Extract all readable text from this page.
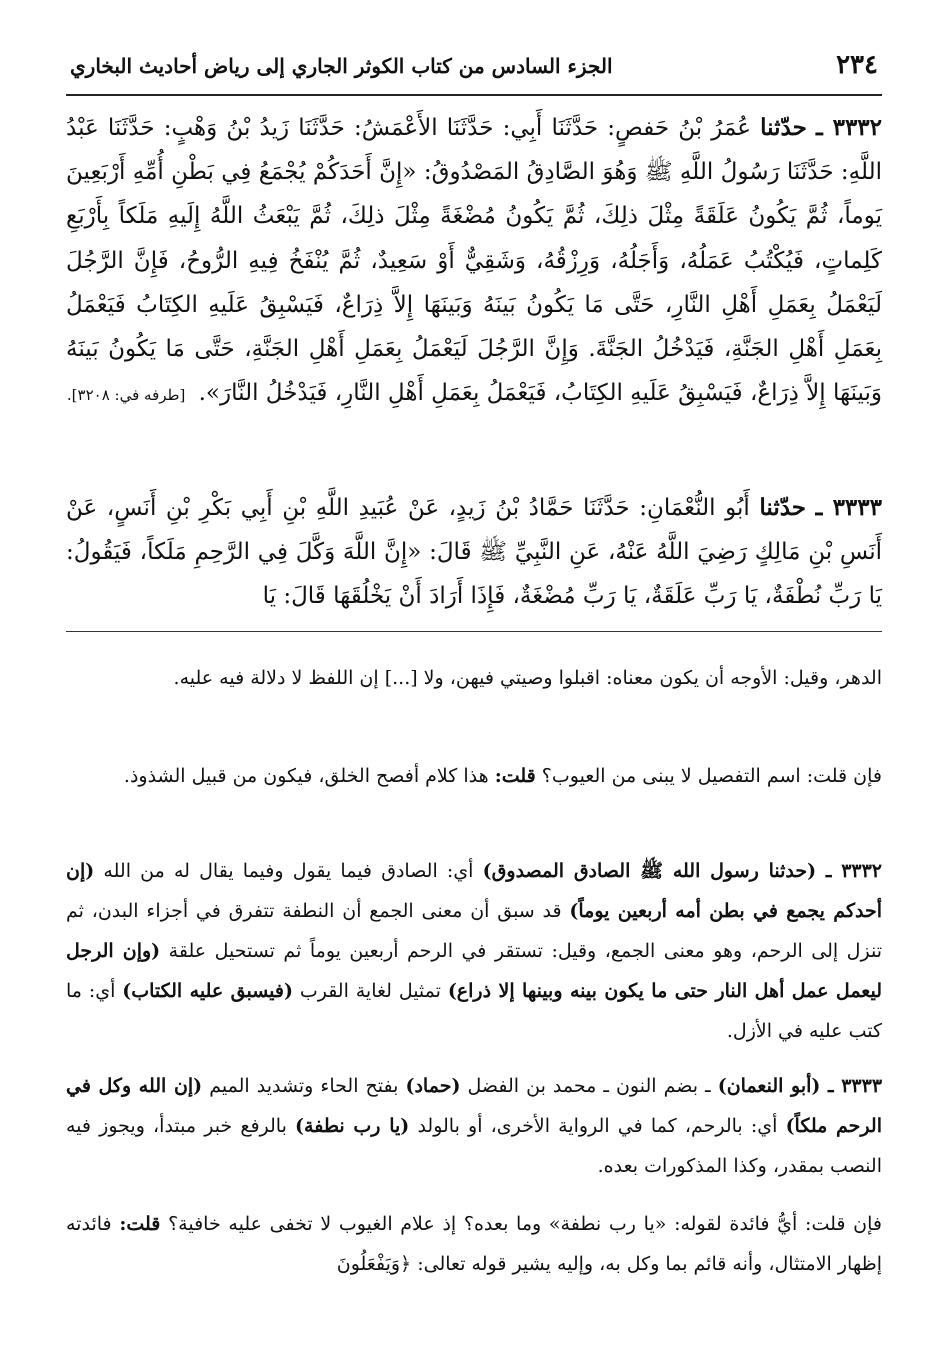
٢٣٤
الجزء السادس من كتاب الكوثر الجاري إلى رياض أحاديث البخاري

٣٣٣٢ ـ حدّثنا عُمَرُ بْنُ حَفصٍ: حَدَّثَنَا أَبِي: حَدَّثَنَا الأَعْمَشُ: حَدَّثَنَا زَيدُ بْنُ وَهْبٍ: حَدَّثَنَا عَبْدُ اللَّهِ: حَدَّثَنَا رَسُولُ اللَّهِ ﷺ وَهُوَ الصَّادِقُ المَصْدُوقُ: «إِنَّ أَحَدَكُمْ يُجْمَعُ فِي بَطْنِ أُمِّهِ أَرْبَعِينَ يَوماً، ثُمَّ يَكُونُ عَلَقَةً مِثْلَ ذلِكَ، ثُمَّ يَكُونُ مُضْغَةً مِثْلَ ذلِكَ، ثُمَّ يَبْعَثُ اللَّهُ إِلَيهِ مَلَكاً بِأَرْبَعِ كَلِماتٍ، فَيُكْتُبُ عَمَلُهُ، وَأَجَلُهُ، وَرِزْقُهُ، وَشَقِيٌّ أَوْ سَعِيدٌ، ثُمَّ يُنْفَخُ فِيهِ الرُّوحُ، فَإِنَّ الرَّجُلَ لَيَعْمَلُ بِعَمَلِ أَهْلِ النَّارِ، حَتَّى مَا يَكُونُ بَينَهُ وَبَينَهَا إِلاَّ ذِرَاعٌ، فَيَسْبِقُ عَلَيهِ الكِتَابُ فَيَعْمَلُ بِعَمَلِ أَهْلِ الجَنَّةِ، فَيَدْخُلُ الجَنَّةَ. وَإِنَّ الرَّجُلَ لَيَعْمَلُ بِعَمَلِ أَهْلِ الجَنَّةِ، حَتَّى مَا يَكُونُ بَينَهُ وَبَينَهَا إِلاَّ ذِرَاعٌ، فَيَسْبِقُ عَلَيهِ الكِتَابُ، فَيَعْمَلُ بِعَمَلِ أَهْلِ النَّارِ، فَيَدْخُلُ النَّارَ». [طرفه في: ٣٢٠٨].

٣٣٣٣ ـ حدّثنا أَبُو النُّعْمَانِ: حَدَّثَنَا حَمَّادُ بْنُ زَيدٍ، عَنْ عُبَيدِ اللَّهِ بْنِ أَبِي بَكْرِ بْنِ أَنَسٍ، عَنْ أَنَسِ بْنِ مَالِكٍ رَضِيَ اللَّهُ عَنْهُ، عَنِ النَّبِيِّ ﷺ قَالَ: «إِنَّ اللَّهَ وَكَّلَ فِي الرَّحِمِ مَلَكاً، فَيَقُولُ: يَا رَبِّ نُطْفَةٌ، يَا رَبِّ عَلَقَةٌ، يَا رَبِّ مُضْغَةٌ، فَإِذَا أَرَادَ أَنْ يَخْلُقَهَا قَالَ: يَا

الدهر، وقيل: الأوجه أن يكون معناه: اقبلوا وصيتي فيهن، ولا [...] إن اللفظ لا دلالة فيه عليه.

فإن قلت: اسم التفصيل لا يبنى من العيوب؟ قلت: هذا كلام أفصح الخلق، فيكون من قبيل الشذوذ.

٣٣٣٢ ـ (حدثنا رسول الله ﷺ الصادق المصدوق) أي: الصادق فيما يقول وفيما يقال له من الله (إن أحدكم يجمع في بطن أمه أربعين يوماً) قد سبق أن معنى الجمع أن النطفة تتفرق في أجزاء البدن، ثم تنزل إلى الرحم، وهو معنى الجمع، وقيل: تستقر في الرحم أربعين يوماً ثم تستحيل علقة (وإن الرجل ليعمل عمل أهل النار حتى ما يكون بينه وبينها إلا ذراع) تمثيل لغاية القرب (فيسبق عليه الكتاب) أي: ما كتب عليه في الأزل.

٣٣٣٣ ـ (أبو النعمان) ـ بضم النون ـ محمد بن الفضل (حماد) بفتح الحاء وتشديد الميم (إن الله وكل في الرحم ملكاً) أي: بالرحم، كما في الرواية الأخرى، أو بالولد (يا رب نطفة) بالرفع خبر مبتدأ، ويجوز فيه النصب بمقدر، وكذا المذكورات بعده.

فإن قلت: أيُّ فائدة لقوله: «يا رب نطفة» وما بعده؟ إذ علام الغيوب لا تخفى عليه خافية؟ قلت: فائدته إظهار الامتثال، وأنه قائم بما وكل به، وإليه يشير قوله تعالى: ﴿وَيَفْعَلُونَ
